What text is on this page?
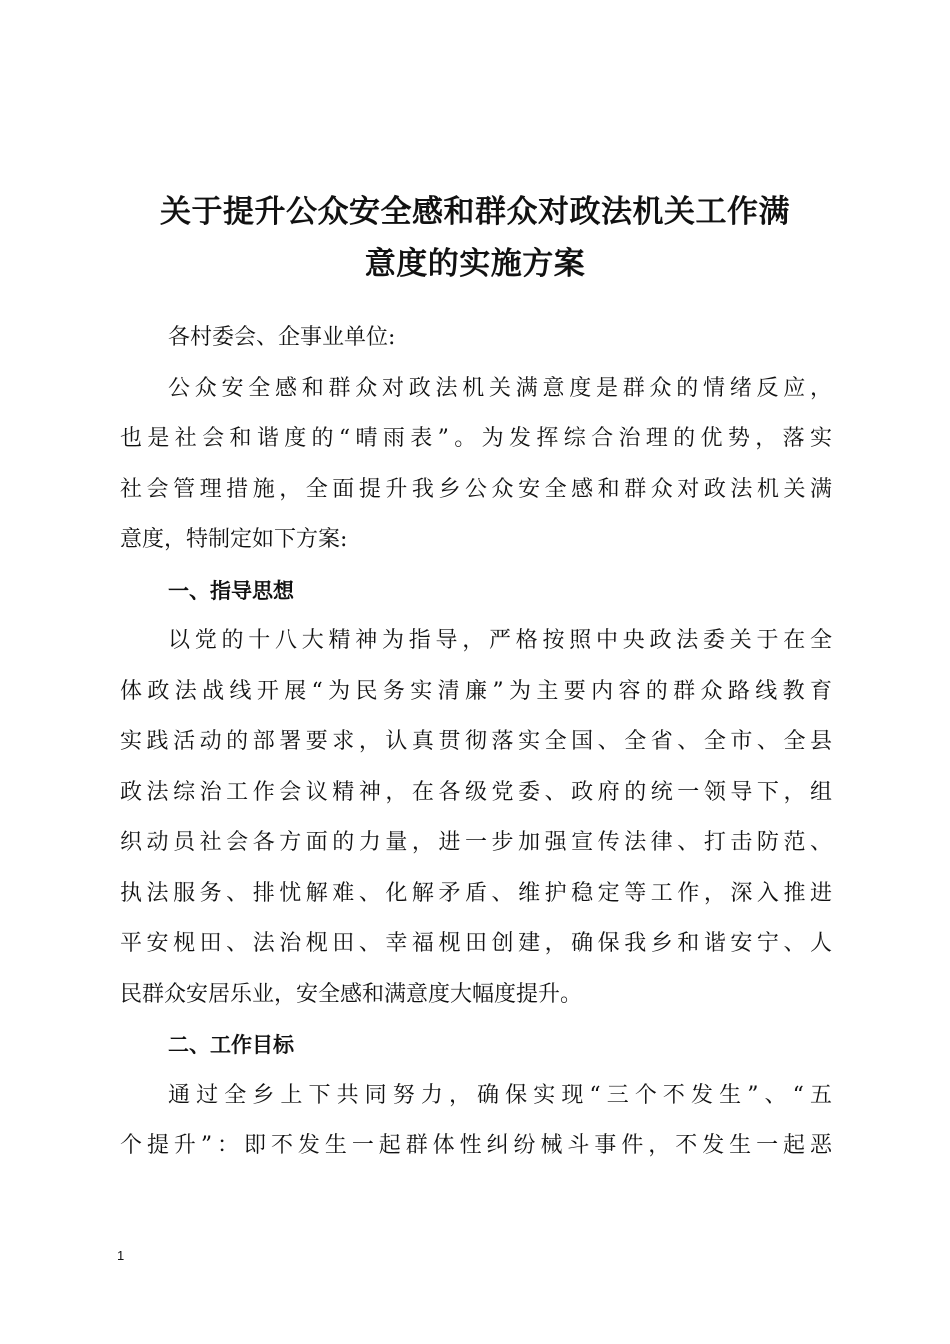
关于提升公众安全感和群众对政法机关工作满
意度的实施方案
各村委会、企事业单位:
公众安全感和群众对政法机关满意度是群众的情绪反应，
也是社会和谐度的“晴雨表”。为发挥综合治理的优势，落实
社会管理措施，全面提升我乡公众安全感和群众对政法机关满
意度，特制定如下方案:
一、指导思想
以党的十八大精神为指导，严格按照中央政法委关于在全
体政法战线开展“为民务实清廉”为主要内容的群众路线教育
实践活动的部署要求，认真贯彻落实全国、全省、全市、全县
政法综治工作会议精神，在各级党委、政府的统一领导下，组
织动员社会各方面的力量，进一步加强宣传法律、打击防范、
执法服务、排忧解难、化解矛盾、维护稳定等工作，深入推进
平安枧田、法治枧田、幸福枧田创建，确保我乡和谐安宁、人
民群众安居乐业，安全感和满意度大幅度提升。
二、工作目标
通过全乡上下共同努力，确保实现“三个不发生”、“五
个提升”：即不发生一起群体性纠纷械斗事件，不发生一起恶
1
